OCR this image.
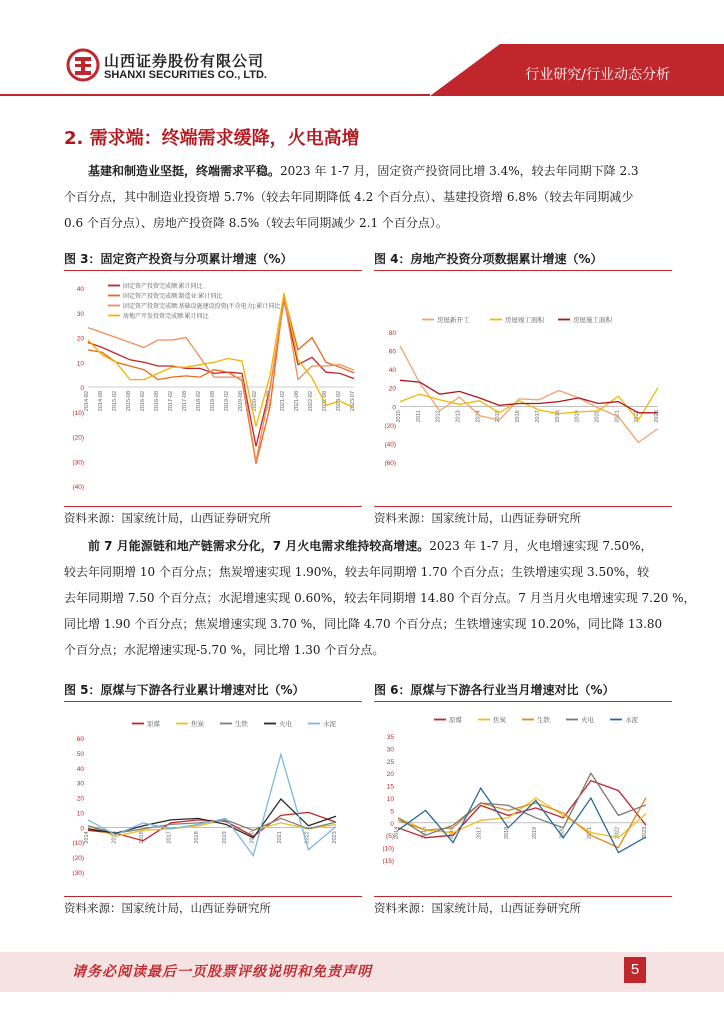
山西证券股份有限公司
SHANXI SECURITIES CO., LTD.	行业研究/行业动态分析
2. 需求端：终端需求缓降，火电高增
基建和制造业坚挺，终端需求平稳。2023 年 1-7 月，固定资产投资同比增 3.4%，较去年同期下降 2.3
个百分点，其中制造业投资增 5.7%（较去年同期降低 4.2 个百分点）、基建投资增 6.8%（较去年同期减少
0.6 个百分点）、房地产投资降 8.5%（较去年同期减少 2.1 个百分点）。
图 3：固定资产投资与分项累计增速（%）	图 4：房地产投资分项数据累计增速（%）
40
30
20
10
0
(10)
(20)
(30)
(40)
2014-02 2014-08 2015-02 2015-08 2016-02 2016-08 2017-02 2017-08 2018-02 2018-08 2019-02 2019-08 2020-02 2020-08 2021-02 2021-08 2022-02 2022-08 2023-02 2023-07
固定资产投资完成额:累计同比
固定资产投资完成额:制造业:累计同比
固定资产投资完成额:基础设施建设投资(不含电力):累计同比
房地产开发投资完成额:累计同比
80
60
40
20
0
(20)
(40)
(60)
2010	2011	2012	2013	2014	2015	2016	2017	2018	2019	2020	2021	2022	2023
房屋新开工	房屋竣工面积	房屋施工面积
资料来源：国家统计局，山西证券研究所	资料来源：国家统计局，山西证券研究所
前 7 月能源链和地产链需求分化，7 月火电需求维持较高增速。2023 年 1-7 月，火电增速实现 7.50%，
较去年同期增 10 个百分点；焦炭增速实现 1.90%，较去年同期增 1.70 个百分点；生铁增速实现 3.50%，较
去年同期增 7.50 个百分点；水泥增速实现 0.60%，较去年同期增 14.80 个百分点。7 月当月火电增速实现 7.20 %，
同比增 1.90 个百分点；焦炭增速实现 3.70 %，同比降 4.70 个百分点；生铁增速实现 10.20%，同比降 13.80
个百分点；水泥增速实现-5.70 %，同比增 1.30 个百分点。
图 5：原煤与下游各行业累计增速对比（%）	图 6：原煤与下游各行业当月增速对比（%）
60
50
40
30
20
10
0
(10)
(20)
(30)
2014	2015	2016	2017	2018	2019	2020	2021	2022	2023
原煤	焦炭	生铁	火电	水泥
35
30
25
20
15
10
5
0
(5)
(10)
(15)
2014	2015	2016	2017	2018	2019	2020	2021	2022	2023
原煤	焦炭	生铁	火电	水泥
资料来源：国家统计局，山西证券研究所	资料来源：国家统计局，山西证券研究所
请务必阅读最后一页股票评级说明和免责声明	5
